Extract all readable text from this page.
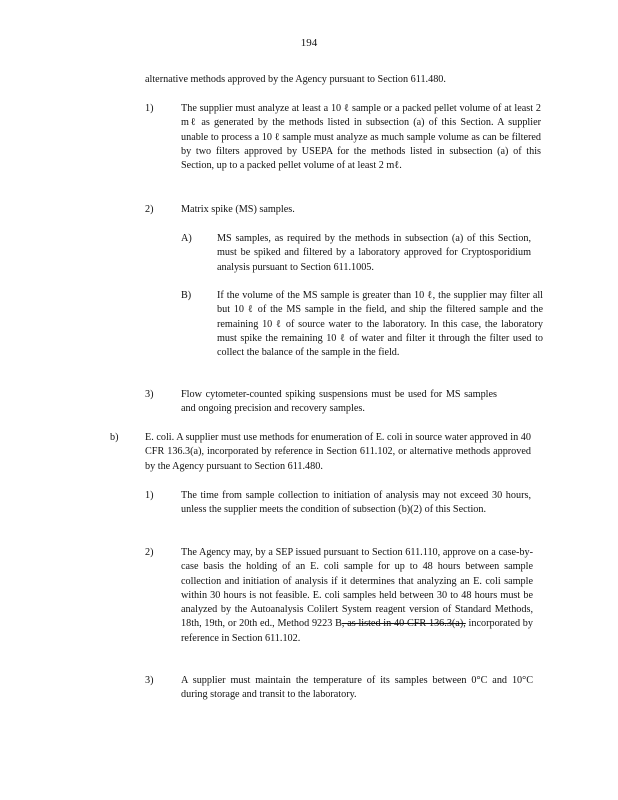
194

alternative methods approved by the Agency pursuant to Section 611.480.

1)	The supplier must analyze at least a 10 ℓ sample or a packed pellet volume of at least 2 mℓ as generated by the methods listed in subsection (a) of this Section. A supplier unable to process a 10 ℓ sample must analyze as much sample volume as can be filtered by two filters approved by USEPA for the methods listed in subsection (a) of this Section, up to a packed pellet volume of at least 2 mℓ.

2)	Matrix spike (MS) samples.

A) MS samples, as required by the methods in subsection (a) of this Section, must be spiked and filtered by a laboratory approved for Cryptosporidium analysis pursuant to Section 611.1005.

B)	If the volume of the MS sample is greater than 10 ℓ, the supplier may filter all but 10 ℓ of the MS sample in the field, and ship the filtered sample and the remaining 10 ℓ of source water to the laboratory. In this case, the laboratory must spike the remaining 10 ℓ of water and filter it through the filter used to collect the balance of the sample in the field.

3)	Flow cytometer-counted spiking suspensions must be used for MS samples and ongoing precision and recovery samples.

b)	E. coli. A supplier must use methods for enumeration of E. coli in source water approved in 40 CFR 136.3(a), incorporated by reference in Section 611.102, or alternative methods approved by the Agency pursuant to Section 611.480.

1)	The time from sample collection to initiation of analysis may not exceed 30 hours, unless the supplier meets the condition of subsection (b)(2) of this Section.

2)	The Agency may, by a SEP issued pursuant to Section 611.110, approve on a case-by-case basis the holding of an E. coli sample for up to 48 hours between sample collection and initiation of analysis if it determines that analyzing an E. coli sample within 30 hours is not feasible. E. coli samples held between 30 to 48 hours must be analyzed by the Autoanalysis Colilert System reagent version of Standard Methods, 18th, 19th, or 20th ed., Method 9223 B, as listed in 40 CFR 136.3(a), incorporated by reference in Section 611.102.

3)	A supplier must maintain the temperature of its samples between 0°C and 10°C during storage and transit to the laboratory.
